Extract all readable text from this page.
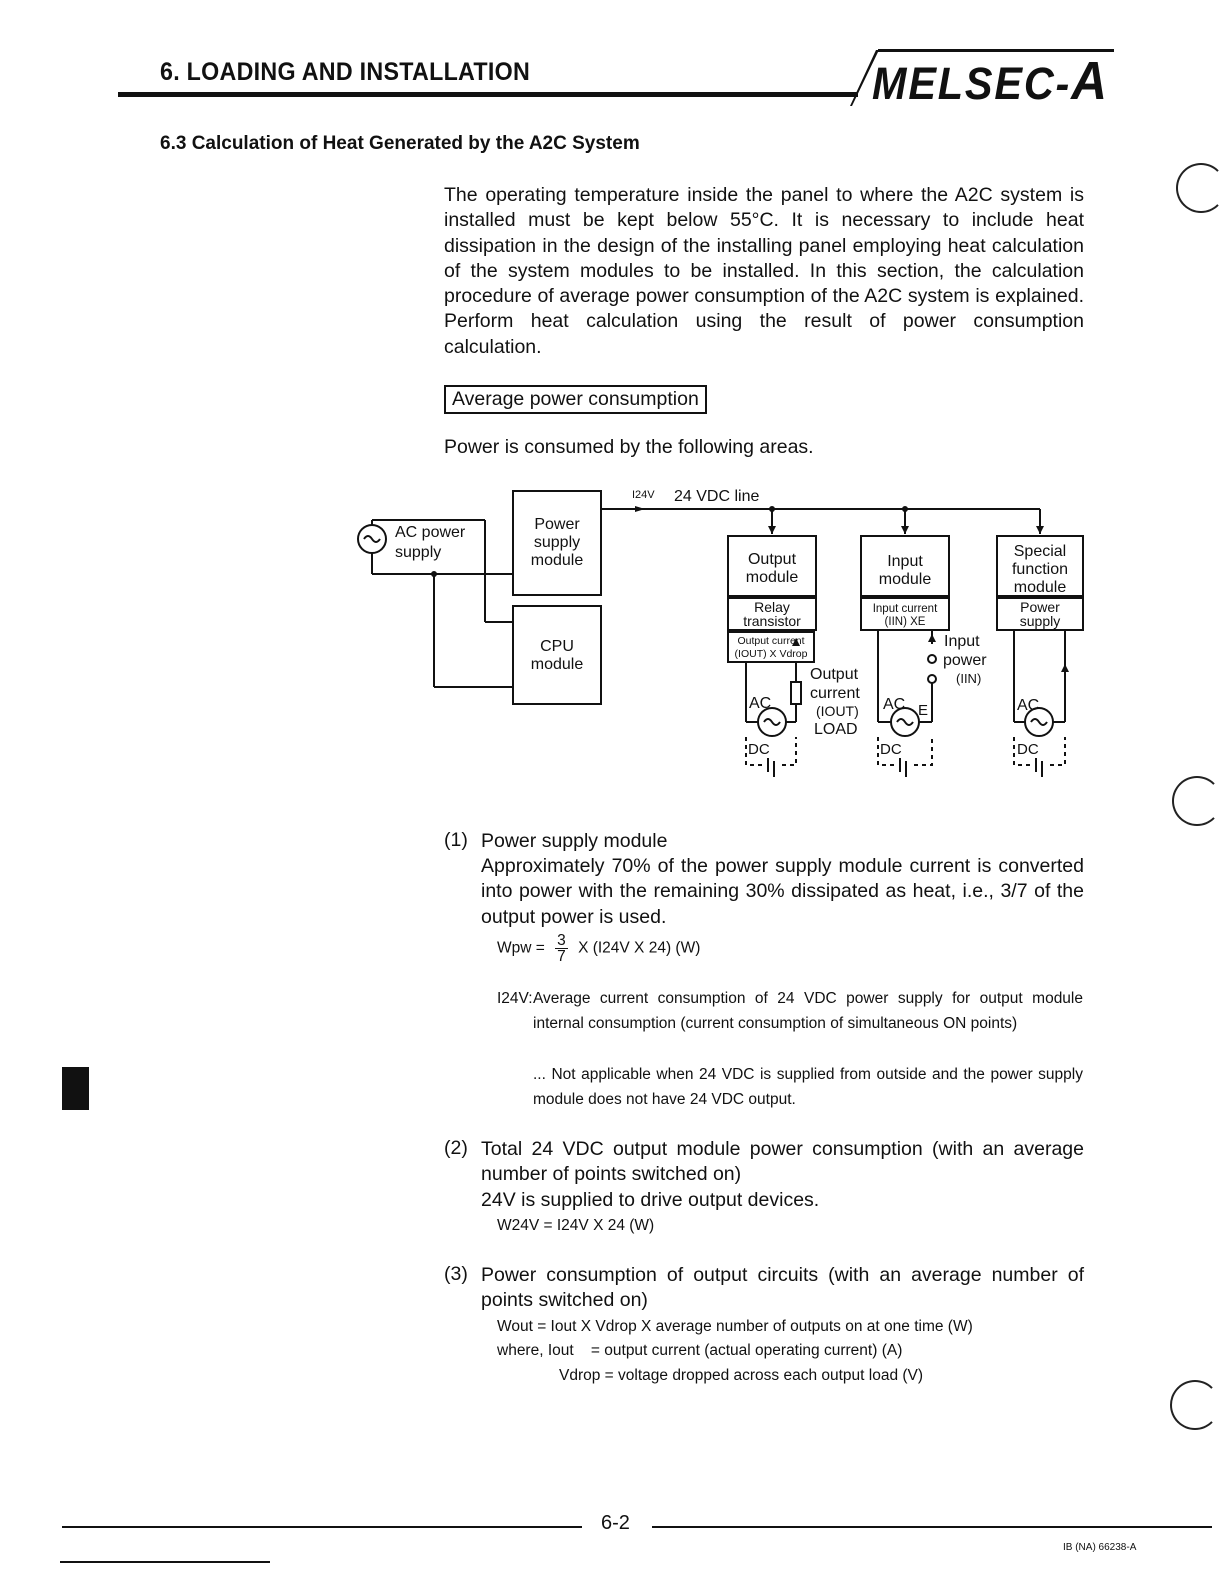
6. LOADING AND INSTALLATION	MELSEC-A
6.3 Calculation of Heat Generated by the A2C System
The operating temperature inside the panel to where the A2C system is installed must be kept below 55°C. It is necessary to include heat dissipation in the design of the installing panel employing heat calculation of the system modules to be installed. In this section, the calculation procedure of average power consumption of the A2C system is explained. Perform heat calculation using the result of power consumption calculation.
Average power consumption
Power is consumed by the following areas.
I24V 24 VDC line
AC power
supply
Power
supply
module
CPU
module
Output
module
Relay
transistor
Output current
(IOUT) X Vdrop
Output
current
(IOUT)
LOAD
AC
DC
Input
module
Input current
(IIN) XE
Input
power
(IIN)
AC E
DC
Special
function
module
Power
supply
AC
DC
(1) Power supply module
Approximately 70% of the power supply module current is converted into power with the remaining 30% dissipated as heat, i.e., 3/7 of the output power is used.
Wpw = $\frac{3}{7}$ X (I24V X 24) (W)
I24V: Average current consumption of 24 VDC power supply for output module internal consumption (current consumption of simultaneous ON points)
... Not applicable when 24 VDC is supplied from outside and the power supply module does not have 24 VDC output.
(2) Total 24 VDC output module power consumption (with an average number of points switched on)
24V is supplied to drive output devices.
W24V = I24V X 24 (W)
(3) Power consumption of output circuits (with an average number of points switched on)
Wout = Iout X Vdrop X average number of outputs on at one time (W)
where, Iout    = output current (actual operating current) (A)
Vdrop = voltage dropped across each output load (V)
6-2
IB (NA) 66238-A
